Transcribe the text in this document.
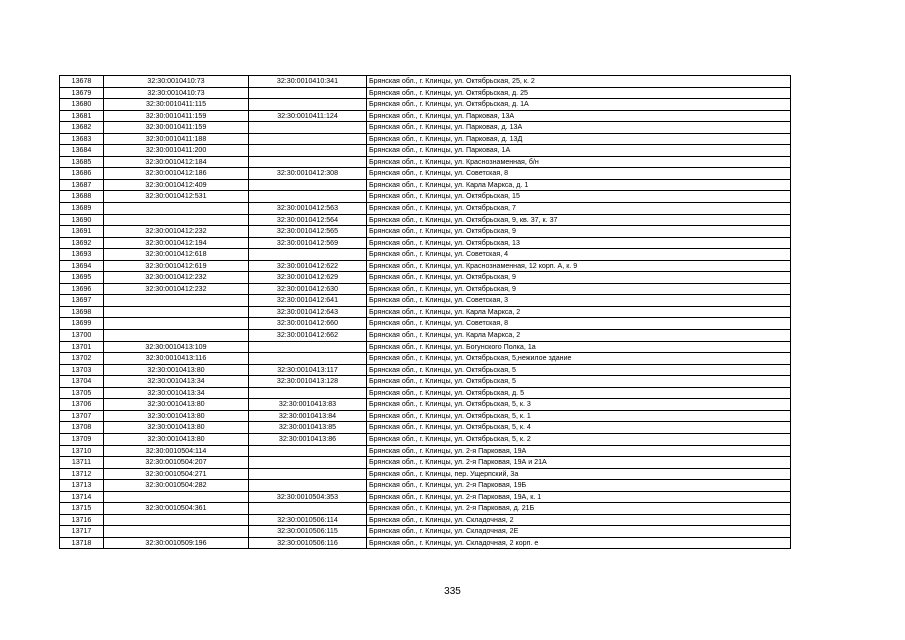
13678	32:30:0010410:73	32:30:0010410:341	Брянская обл., г. Клинцы, ул. Октябрьская, 25, к. 2
13679	32:30:0010410:73		Брянская обл., г. Клинцы, ул. Октябрьская, д. 25
13680	32:30:0010411:115		Брянская обл., г. Клинцы, ул. Октябрьская, д. 1А
13681	32:30:0010411:159	32:30:0010411:124	Брянская обл., г. Клинцы, ул. Парковая, 13А
13682	32:30:0010411:159		Брянская обл., г. Клинцы, ул. Парковая, д. 13А
13683	32:30:0010411:188		Брянская обл., г. Клинцы, ул. Парковая, д. 13Д
13684	32:30:0010411:200		Брянская обл., г. Клинцы, ул. Парковая, 1А
13685	32:30:0010412:184		Брянская обл., г. Клинцы, ул. Краснознаменная, б/н
13686	32:30:0010412:186	32:30:0010412:308	Брянская обл., г. Клинцы, ул. Советская, 8
13687	32:30:0010412:409		Брянская обл., г. Клинцы, ул. Карла Маркса, д. 1
13688	32:30:0010412:531		Брянская обл., г. Клинцы, ул. Октябрьская, 15
13689		32:30:0010412:563	Брянская обл., г. Клинцы, ул. Октябрьская, 7
13690		32:30:0010412:564	Брянская обл., г. Клинцы, ул. Октябрьская, 9, кв. 37, к. 37
13691	32:30:0010412:232	32:30:0010412:565	Брянская обл., г. Клинцы, ул. Октябрьская, 9
13692	32:30:0010412:194	32:30:0010412:569	Брянская обл., г. Клинцы, ул. Октябрьская, 13
13693	32:30:0010412:618		Брянская обл., г. Клинцы, ул. Советская, 4
13694	32:30:0010412:619	32:30:0010412:622	Брянская обл., г. Клинцы, ул. Краснознаменная, 12 корп. А, к. 9
13695	32:30:0010412:232	32:30:0010412:629	Брянская обл., г. Клинцы, ул. Октябрьская, 9
13696	32:30:0010412:232	32:30:0010412:630	Брянская обл., г. Клинцы, ул. Октябрьская, 9
13697		32:30:0010412:641	Брянская обл., г. Клинцы, ул. Советская, 3
13698		32:30:0010412:643	Брянская обл., г. Клинцы, ул. Карла Маркса, 2
13699		32:30:0010412:660	Брянская обл., г. Клинцы, ул. Советская, 8
13700		32:30:0010412:662	Брянская обл., г. Клинцы, ул. Карла Маркса, 2
13701	32:30:0010413:109		Брянская обл., г. Клинцы, ул. Богунского Полка, 1а
13702	32:30:0010413:116		Брянская обл., г. Клинцы, ул. Октябрьская, 5,нежилое здание
13703	32:30:0010413:80	32:30:0010413:117	Брянская обл., г. Клинцы, ул. Октябрьская, 5
13704	32:30:0010413:34	32:30:0010413:128	Брянская обл., г. Клинцы, ул. Октябрьская, 5
13705	32:30:0010413:34		Брянская обл., г. Клинцы, ул. Октябрьская, д. 5
13706	32:30:0010413:80	32:30:0010413:83	Брянская обл., г. Клинцы, ул. Октябрьская, 5, к. 3
13707	32:30:0010413:80	32:30:0010413:84	Брянская обл., г. Клинцы, ул. Октябрьская, 5, к. 1
13708	32:30:0010413:80	32:30:0010413:85	Брянская обл., г. Клинцы, ул. Октябрьская, 5, к. 4
13709	32:30:0010413:80	32:30:0010413:86	Брянская обл., г. Клинцы, ул. Октябрьская, 5, к. 2
13710	32:30:0010504:114		Брянская обл., г. Клинцы, ул. 2-я Парковая, 19А
13711	32:30:0010504:207		Брянская обл., г. Клинцы, ул. 2-я Парковая, 19А и 21А
13712	32:30:0010504:271		Брянская обл., г. Клинцы, пер. Ущерпский, 3а
13713	32:30:0010504:282		Брянская обл., г. Клинцы, ул. 2-я Парковая, 19Б
13714		32:30:0010504:353	Брянская обл., г. Клинцы, ул. 2-я Парковая, 19А, к. 1
13715	32:30:0010504:361		Брянская обл., г. Клинцы, ул. 2-я Парковая, д. 21Б
13716		32:30:0010506:114	Брянская обл., г. Клинцы, ул. Складочная, 2
13717		32:30:0010506:115	Брянская обл., г. Клинцы, ул. Складочная, 2Е
13718	32:30:0010509:196	32:30:0010506:116	Брянская обл., г. Клинцы, ул. Складочная, 2 корп. е
335
